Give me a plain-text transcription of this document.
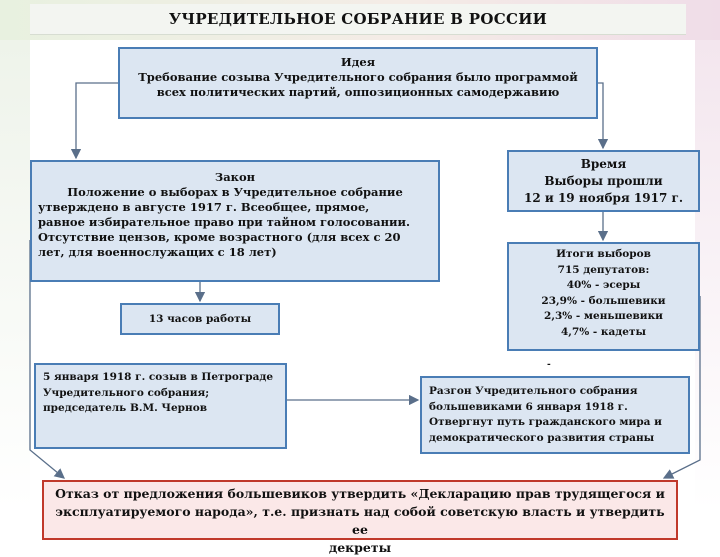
УЧРЕДИТЕЛЬНОЕ СОБРАНИЕ В РОССИИ
Идея
Требование созыва Учредительного собрания было программой
всех политических партий, оппозиционных самодержавию
Закон
Положение о выборах в Учредительное собрание
утверждено в августе 1917 г. Всеобщее, прямое,
равное избирательное право при тайном голосовании.
Отсутствие цензов, кроме возрастного (для всех с 20
лет, для военнослужащих с 18 лет)
Время
Выборы прошли
12 и 19 ноября 1917 г.
13 часов работы
Итоги выборов
715 депутатов:
40% - эсеры
23,9% - большевики
2,3% - меньшевики
4,7% - кадеты
-
5 января 1918 г. созыв в Петрограде
Учредительного собрания;
председатель В.М. Чернов
Разгон Учредительного собрания
большевиками 6 января 1918 г.
Отвергнут путь гражданского мира и
демократического развития страны
Отказ от предложения большевиков утвердить «Декларацию прав трудящегося и
эксплуатируемого народа», т.е. признать над собой советскую власть и утвердить ее
декреты
